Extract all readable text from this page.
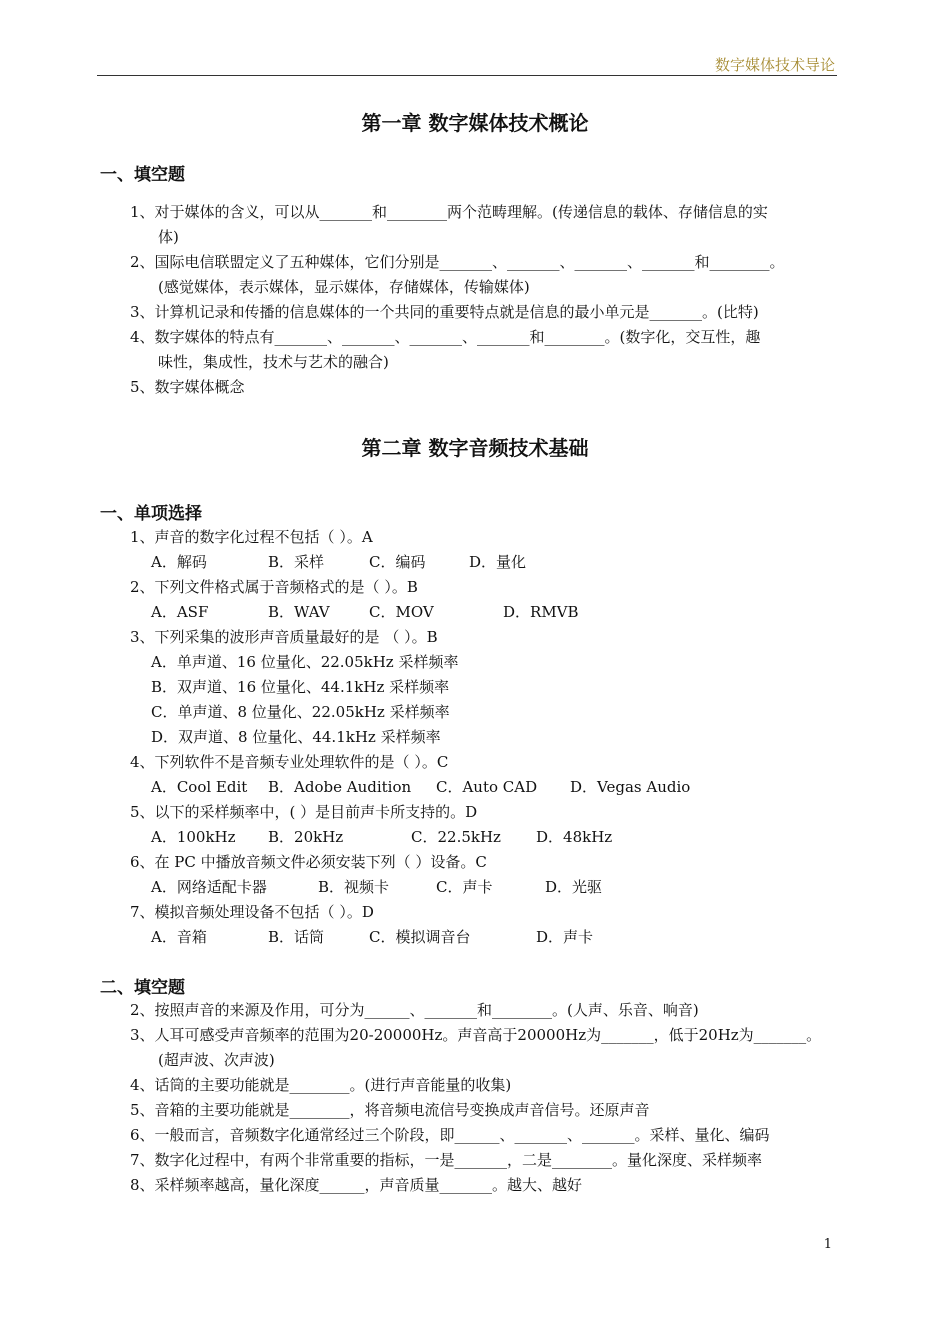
数字媒体技术导论
第一章 数字媒体技术概论
一、填空题
1、对于媒体的含义，可以从_______和________两个范畴理解。(传递信息的载体、存储信息的实
体)
2、国际电信联盟定义了五种媒体，它们分别是_______、_______、_______、_______和________。
(感觉媒体，表示媒体，显示媒体，存储媒体，传输媒体)
3、计算机记录和传播的信息媒体的一个共同的重要特点就是信息的最小单元是_______。(比特)
4、数字媒体的特点有_______、_______、_______、_______和________。(数字化，交互性，趣
味性，集成性，技术与艺术的融合)
5、数字媒体概念
第二章 数字音频技术基础
一、单项选择
1、声音的数字化过程不包括（ ）。A
A．解码	B．采样	C．编码	D．量化
2、下列文件格式属于音频格式的是（ ）。B
A．ASF	B．WAV	C．MOV	D．RMVB
3、下列采集的波形声音质量最好的是 （ ）。B
A．单声道、16 位量化、22.05kHz 采样频率
B．双声道、16 位量化、44.1kHz 采样频率
C．单声道、8 位量化、22.05kHz 采样频率
D．双声道、8 位量化、44.1kHz 采样频率
4、下列软件不是音频专业处理软件的是（ ）。C
A．Cool Edit B．Adobe Audition C．Auto CAD D．Vegas Audio
5、以下的采样频率中，( ）是目前声卡所支持的。D
A．100kHz B．20kHz	C．22.5kHz D．48kHz
6、在 PC 中播放音频文件必须安装下列（ ）设备。C
A．网络适配卡器	B．视频卡	C．声卡	D．光驱
7、模拟音频处理设备不包括（ ）。D
A．音箱	B．话筒	C．模拟调音台	D．声卡
二、填空题
2、按照声音的来源及作用，可分为______、_______和________。(人声、乐音、响音)
3、人耳可感受声音频率的范围为20-20000Hz。声音高于20000Hz为_______，低于20Hz为_______。
(超声波、次声波)
4、话筒的主要功能就是________。(进行声音能量的收集)
5、音箱的主要功能就是________，将音频电流信号变换成声音信号。还原声音
6、一般而言，音频数字化通常经过三个阶段，即______、_______、_______。采样、量化、编码
7、数字化过程中，有两个非常重要的指标，一是_______，二是________。量化深度、采样频率
8、采样频率越高，量化深度______，声音质量_______。越大、越好
1
